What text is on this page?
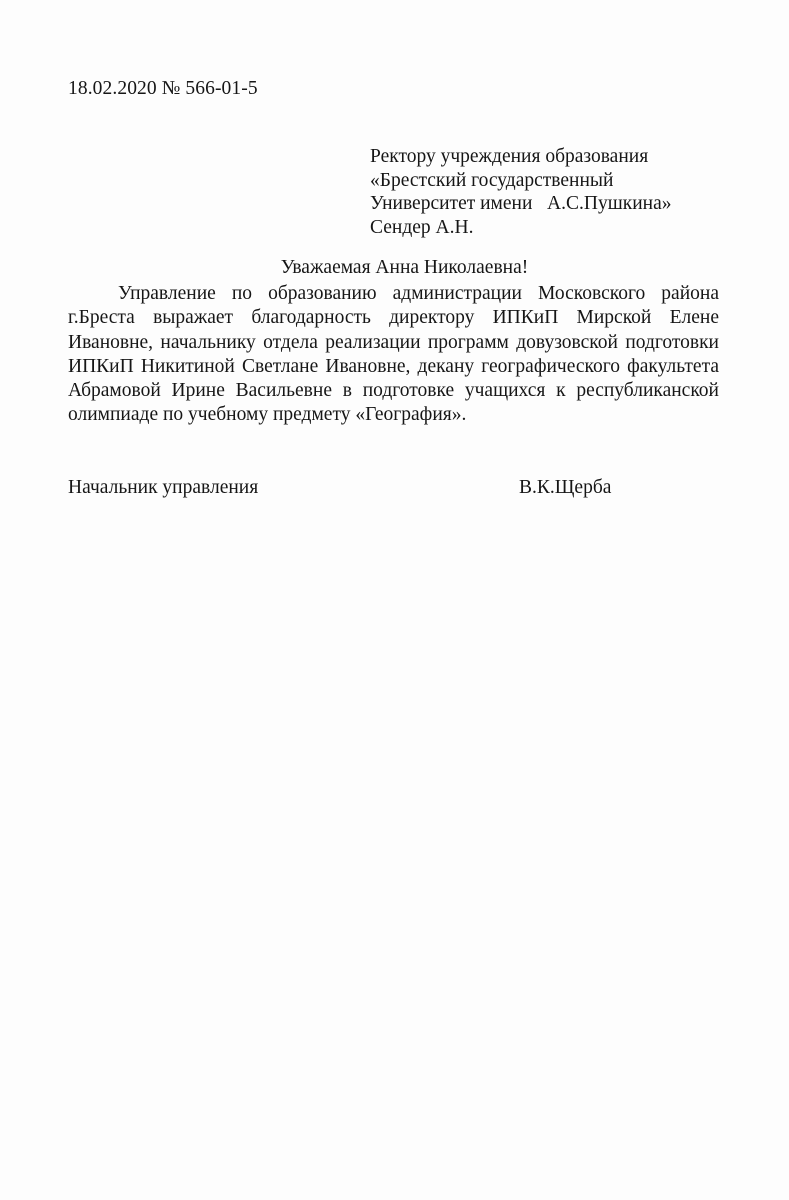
18.02.2020 № 566-01-5
Ректору учреждения образования
«Брестский государственный
Университет имени   А.С.Пушкина»
Сендер А.Н.
Уважаемая Анна Николаевна!

Управление по образованию администрации Московского района г.Бреста выражает благодарность директору ИПКиП Мирской Елене Ивановне, начальнику отдела реализации программ довузовской подготовки ИПКиП Никитиной Светлане Ивановне, декану географического факультета Абрамовой Ирине Васильевне в подготовке учащихся к республиканской олимпиаде по учебному предмету «География».

Начальник управления	В.К.Щерба
